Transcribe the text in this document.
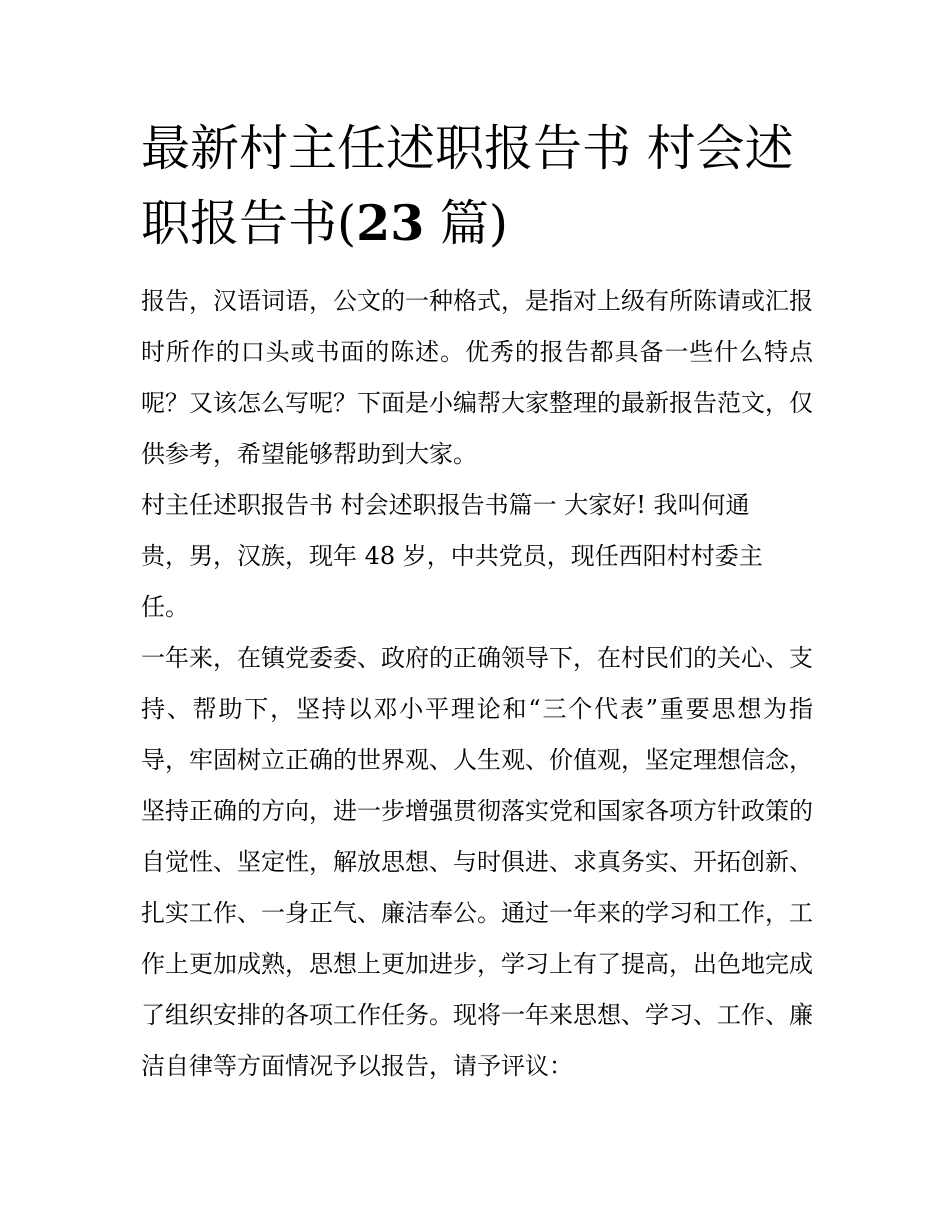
最新村主任述职报告书 村会述职报告书(23 篇)

报告，汉语词语，公文的一种格式，是指对上级有所陈请或汇报时所作的口头或书面的陈述。优秀的报告都具备一些什么特点呢？又该怎么写呢？下面是小编帮大家整理的最新报告范文，仅供参考，希望能够帮助到大家。

村主任述职报告书 村会述职报告书篇一 大家好! 我叫何通贵，男，汉族，现年 48 岁，中共党员，现任西阳村村委主任。

一年来，在镇党委委、政府的正确领导下，在村民们的关心、支持、帮助下，坚持以邓小平理论和“三个代表”重要思想为指导，牢固树立正确的世界观、人生观、价值观，坚定理想信念，坚持正确的方向，进一步增强贯彻落实党和国家各项方针政策的自觉性、坚定性，解放思想、与时俱进、求真务实、开拓创新、扎实工作、一身正气、廉洁奉公。通过一年来的学习和工作，工作上更加成熟，思想上更加进步，学习上有了提高，出色地完成了组织安排的各项工作任务。现将一年来思想、学习、工作、廉洁自律等方面情况予以报告，请予评议：
